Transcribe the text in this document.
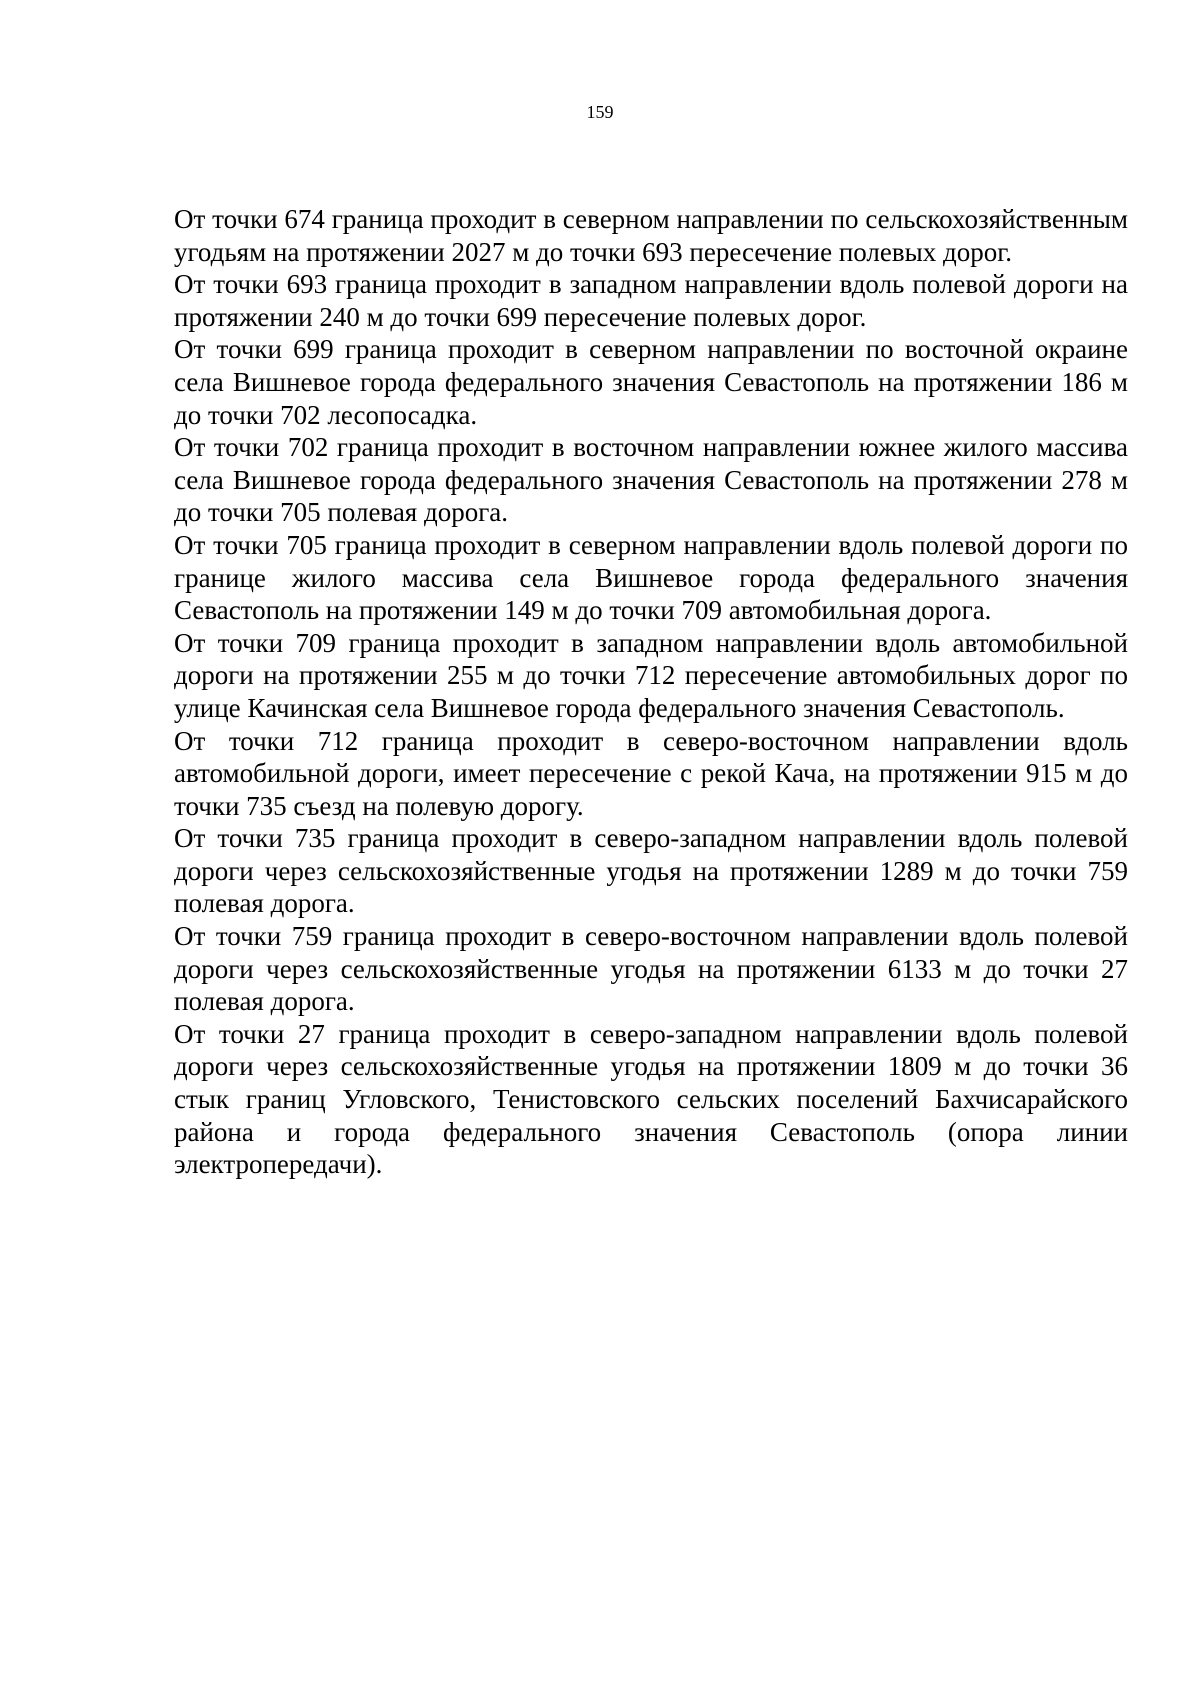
159

От точки 674 граница проходит в северном направлении по сельскохозяйственным угодьям на протяжении 2027 м до точки 693 пересечение полевых дорог.

От точки 693 граница проходит в западном направлении вдоль полевой дороги на протяжении 240 м до точки 699 пересечение полевых дорог.

От точки 699 граница проходит в северном направлении по восточной окраине села Вишневое города федерального значения Севастополь на протяжении 186 м до точки 702 лесопосадка.

От точки 702 граница проходит в восточном направлении южнее жилого массива села Вишневое города федерального значения Севастополь на протяжении 278 м до точки 705 полевая дорога.

От точки 705 граница проходит в северном направлении вдоль полевой дороги по границе жилого массива села Вишневое города федерального значения Севастополь на протяжении 149 м до точки 709 автомобильная дорога.

От точки 709 граница проходит в западном направлении вдоль автомобильной дороги на протяжении 255 м до точки 712 пересечение автомобильных дорог по улице Качинская села Вишневое города федерального значения Севастополь.

От точки 712 граница проходит в северо-восточном направлении вдоль автомобильной дороги, имеет пересечение с рекой Кача, на протяжении 915 м до точки 735 съезд на полевую дорогу.

От точки 735 граница проходит в северо-западном направлении вдоль полевой дороги через сельскохозяйственные угодья на протяжении 1289 м до точки 759 полевая дорога.

От точки 759 граница проходит в северо-восточном направлении вдоль полевой дороги через сельскохозяйственные угодья на протяжении 6133 м до точки 27 полевая дорога.

От точки 27 граница проходит в северо-западном направлении вдоль полевой дороги через сельскохозяйственные угодья на протяжении 1809 м до точки 36 стык границ Угловского, Тенистовского сельских поселений Бахчисарайского района и города федерального значения Севастополь (опора линии электропередачи).
